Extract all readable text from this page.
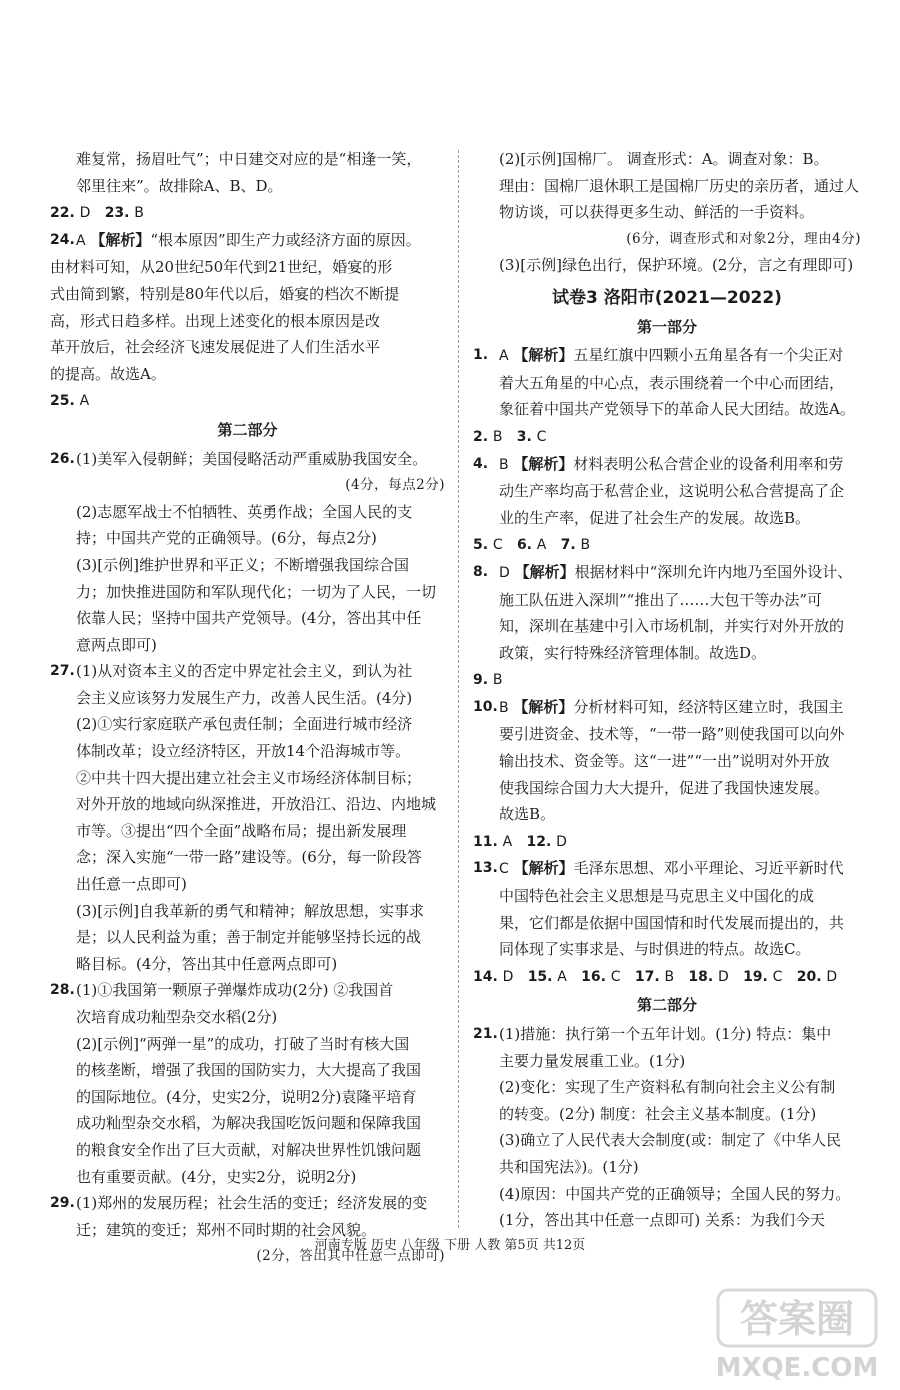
难复常，扬眉吐气”；中日建交对应的是“相逢一笑，
邻里往来”。故排除A、B、D。

22. D 23. B

24. A 【解析】“根本原因”即生产力或经济方面的原因。
由材料可知，从20世纪50年代到21世纪，婚宴的形
式由简到繁，特别是80年代以后，婚宴的档次不断提
高，形式日趋多样。出现上述变化的根本原因是改
革开放后，社会经济飞速发展促进了人们生活水平
的提高。故选A。

25. A

第二部分
26. (1)美军入侵朝鲜；美国侵略活动严重威胁我国安全。
(4分，每点2分)
(2)志愿军战士不怕牺牲、英勇作战；全国人民的支
持；中国共产党的正确领导。(6分，每点2分)
(3)[示例]维护世界和平正义；不断增强我国综合国
力；加快推进国防和军队现代化；一切为了人民，一切
依靠人民；坚持中国共产党领导。(4分，答出其中任
意两点即可)
27. (1)从对资本主义的否定中界定社会主义，到认为社
会主义应该努力发展生产力，改善人民生活。(4分)
(2)①实行家庭联产承包责任制；全面进行城市经济
体制改革；设立经济特区，开放14个沿海城市等。
②中共十四大提出建立社会主义市场经济体制目标；
对外开放的地域向纵深推进，开放沿江、沿边、内地城
市等。③提出“四个全面”战略布局；提出新发展理
念；深入实施“一带一路”建设等。(6分，每一阶段答
出任意一点即可)
(3)[示例]自我革新的勇气和精神；解放思想，实事求
是；以人民利益为重；善于制定并能够坚持长远的战
略目标。(4分，答出其中任意两点即可)
28. (1)①我国第一颗原子弹爆炸成功(2分) ②我国首
次培育成功籼型杂交水稻(2分)
(2)[示例]“两弹一星”的成功，打破了当时有核大国
的核垄断，增强了我国的国防实力，大大提高了我国
的国际地位。(4分，史实2分，说明2分)袁隆平培育
成功籼型杂交水稻，为解决我国吃饭问题和保障我国
的粮食安全作出了巨大贡献，对解决世界性饥饿问题
也有重要贡献。(4分，史实2分，说明2分)
29. (1)郑州的发展历程；社会生活的变迁；经济发展的变
迁；建筑的变迁；郑州不同时期的社会风貌。
(2分，答出其中任意一点即可)
(2)[示例]国棉厂。 调查形式：A。调查对象：B。
理由：国棉厂退休职工是国棉厂历史的亲历者，通过人
物访谈，可以获得更多生动、鲜活的一手资料。
(6分，调查形式和对象2分，理由4分)
(3)[示例]绿色出行，保护环境。(2分，言之有理即可)
试卷3 洛阳市(2021—2022)
第一部分
1. A 【解析】五星红旗中四颗小五角星各有一个尖正对
着大五角星的中心点，表示围绕着一个中心而团结，
象征着中国共产党领导下的革命人民大团结。故选A。

2. B 3. C

4. B 【解析】材料表明公私合营企业的设备利用率和劳
动生产率均高于私营企业，这说明公私合营提高了企
业的生产率，促进了社会生产的发展。故选B。

5. C 6. A 7. B

8. D 【解析】根据材料中“深圳允许内地乃至国外设计、
施工队伍进入深圳”“推出了……大包干等办法”可
知，深圳在基建中引入市场机制，并实行对外开放的
政策，实行特殊经济管理体制。故选D。

9. B

10. B 【解析】分析材料可知，经济特区建立时，我国主
要引进资金、技术等，“一带一路”则使我国可以向外
输出技术、资金等。这“一进”“一出”说明对外开放
使我国综合国力大大提升，促进了我国快速发展。
故选B。

11. A 12. D

13. C 【解析】毛泽东思想、邓小平理论、习近平新时代
中国特色社会主义思想是马克思主义中国化的成
果，它们都是依据中国国情和时代发展而提出的，共
同体现了实事求是、与时俱进的特点。故选C。

14. D 15. A 16. C 17. B 18. D 19. C 20. D

第二部分
21. (1)措施：执行第一个五年计划。(1分) 特点：集中
主要力量发展重工业。(1分)
(2)变化：实现了生产资料私有制向社会主义公有制
的转变。(2分) 制度：社会主义基本制度。(1分)
(3)确立了人民代表大会制度(或：制定了《中华人民
共和国宪法》)。(1分)
(4)原因：中国共产党的正确领导；全国人民的努力。
(1分，答出其中任意一点即可) 关系：为我们今天
河南专版 历史 八年级 下册 人教 第5页 共12页
答案圈
MXQE.COM
